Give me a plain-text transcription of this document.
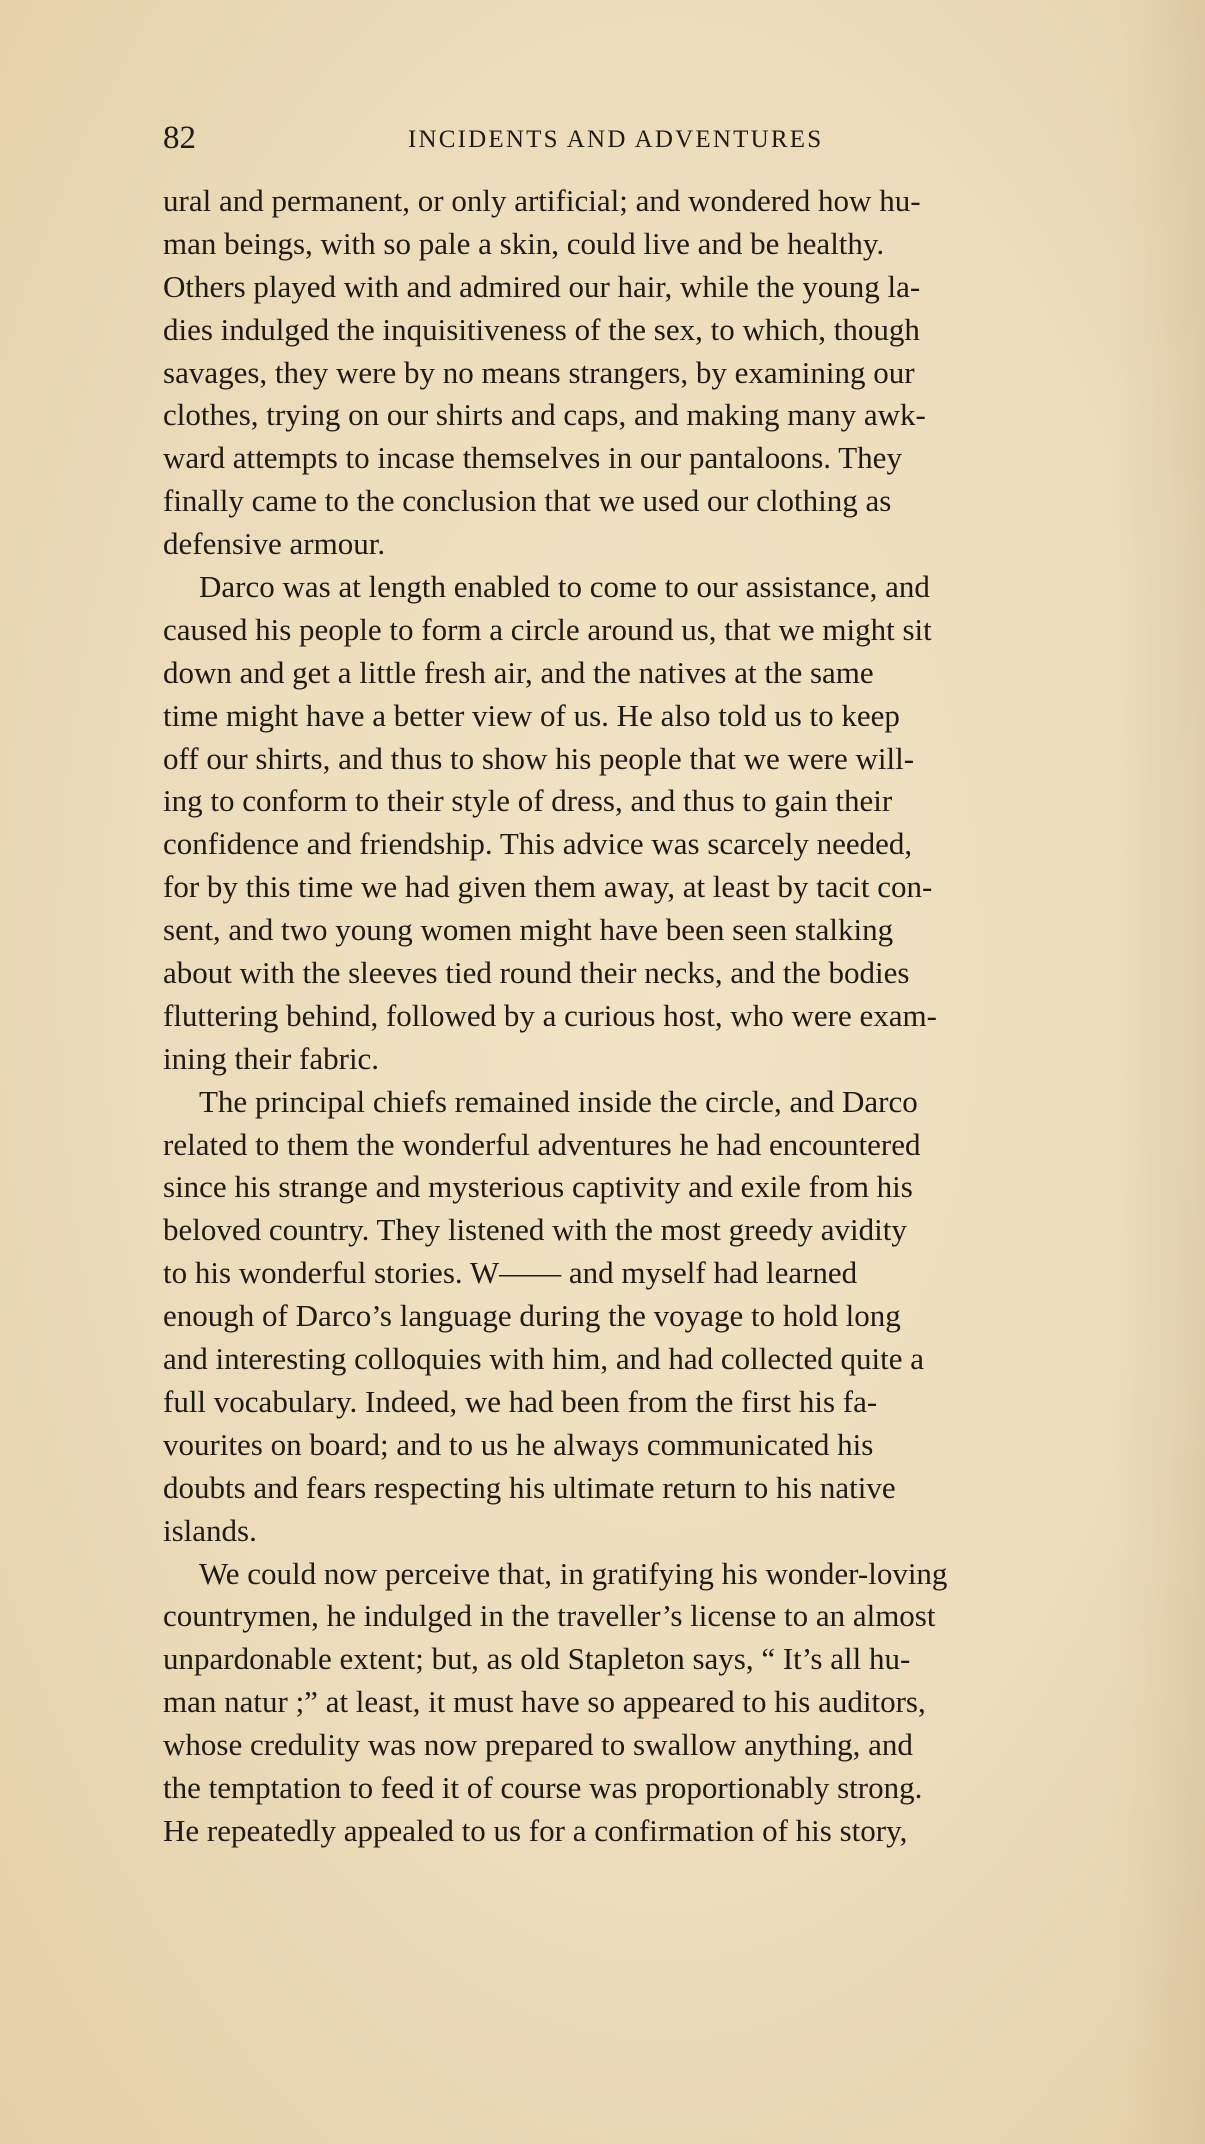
82	INCIDENTS AND ADVENTURES
ural and permanent, or only artificial; and wondered how hu-
man beings, with so pale a skin, could live and be healthy.
Others played with and admired our hair, while the young la-
dies indulged the inquisitiveness of the sex, to which, though
savages, they were by no means strangers, by examining our
clothes, trying on our shirts and caps, and making many awk-
ward attempts to incase themselves in our pantaloons. They
finally came to the conclusion that we used our clothing as
defensive armour.
Darco was at length enabled to come to our assistance, and
caused his people to form a circle around us, that we might sit
down and get a little fresh air, and the natives at the same
time might have a better view of us. He also told us to keep
off our shirts, and thus to show his people that we were will-
ing to conform to their style of dress, and thus to gain their
confidence and friendship. This advice was scarcely needed,
for by this time we had given them away, at least by tacit con-
sent, and two young women might have been seen stalking
about with the sleeves tied round their necks, and the bodies
fluttering behind, followed by a curious host, who were exam-
ining their fabric.
The principal chiefs remained inside the circle, and Darco
related to them the wonderful adventures he had encountered
since his strange and mysterious captivity and exile from his
beloved country. They listened with the most greedy avidity
to his wonderful stories. W—— and myself had learned
enough of Darco’s language during the voyage to hold long
and interesting colloquies with him, and had collected quite a
full vocabulary. Indeed, we had been from the first his fa-
vourites on board; and to us he always communicated his
doubts and fears respecting his ultimate return to his native
islands.
We could now perceive that, in gratifying his wonder-loving
countrymen, he indulged in the traveller’s license to an almost
unpardonable extent; but, as old Stapleton says, “ It’s all hu-
man natur ;” at least, it must have so appeared to his auditors,
whose credulity was now prepared to swallow anything, and
the temptation to feed it of course was proportionably strong.
He repeatedly appealed to us for a confirmation of his story,
